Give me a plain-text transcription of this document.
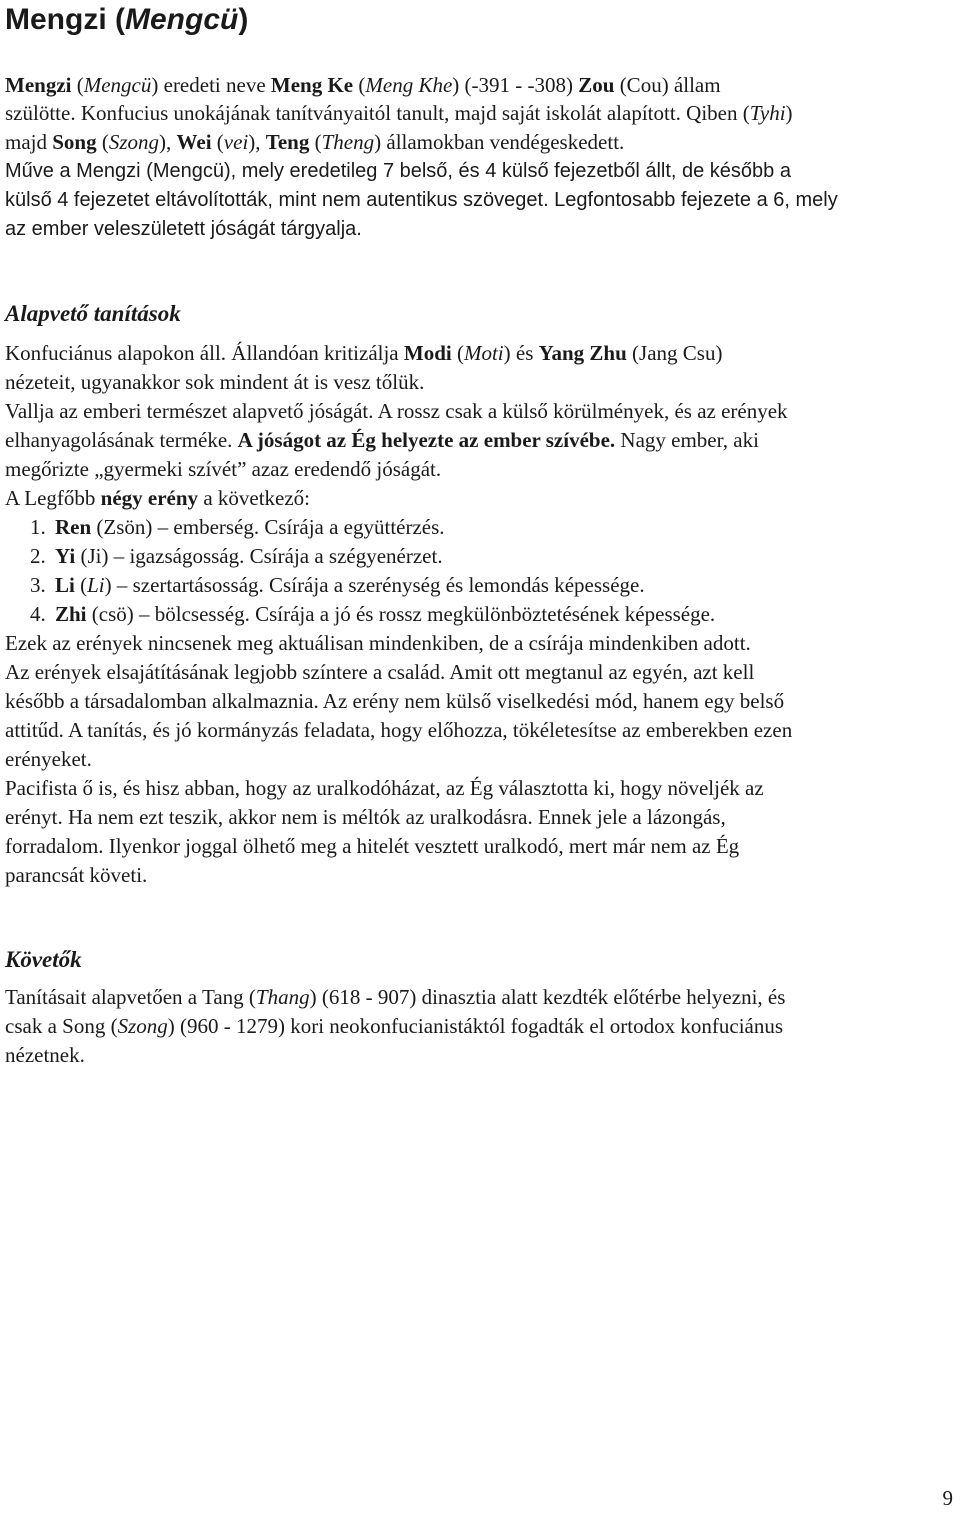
Mengzi (Mengcü)
Mengzi (Mengcü) eredeti neve Meng Ke (Meng Khe) (-391 - -308) Zou (Cou) állam
szülötte. Konfucius unokájának tanítványaitól tanult, majd saját iskolát alapított. Qiben (Tyhi)
majd Song (Szong), Wei (vei), Teng (Theng) államokban vendégeskedett.
Műve a Mengzi (Mengcü), mely eredetileg 7 belső, és 4 külső fejezetből állt, de később a
külső 4 fejezetet eltávolították, mint nem autentikus szöveget. Legfontosabb fejezete a 6, mely
az ember veleszületett jóságát tárgyalja.
Alapvető tanítások
Konfuciánus alapokon áll. Állandóan kritizálja Modi (Moti) és Yang Zhu (Jang Csu)
nézeteit, ugyanakkor sok mindent át is vesz tőlük.
Vallja az emberi természet alapvető jóságát. A rossz csak a külső körülmények, és az erények
elhanyagolásának terméke. A jóságot az Ég helyezte az ember szívébe. Nagy ember, aki
megőrizte „gyermeki szívét” azaz eredendő jóságát.
A Legfőbb négy erény a következő:
1. Ren (Zsön) – emberség. Csírája a együttérzés.
2. Yi (Ji) – igazságosság. Csírája a szégyenérzet.
3. Li (Li) – szertartásosság. Csírája a szerénység és lemondás képessége.
4. Zhi (csö) – bölcsesség. Csírája a jó és rossz megkülönböztetésének képessége.
Ezek az erények nincsenek meg aktuálisan mindenkiben, de a csírája mindenkiben adott.
Az erények elsajátításának legjobb színtere a család. Amit ott megtanul az egyén, azt kell
később a társadalomban alkalmaznia. Az erény nem külső viselkedési mód, hanem egy belső
attitűd. A tanítás, és jó kormányzás feladata, hogy előhozza, tökéletesítse az emberekben ezen
erényeket.
Pacifista ő is, és hisz abban, hogy az uralkodóházat, az Ég választotta ki, hogy növeljék az
erényt. Ha nem ezt teszik, akkor nem is méltók az uralkodásra. Ennek jele a lázongás,
forradalom. Ilyenkor joggal ölhető meg a hitelét vesztett uralkodó, mert már nem az Ég
parancsát követi.
Követők
Tanításait alapvetően a Tang (Thang) (618 - 907) dinasztia alatt kezdték előtérbe helyezni, és
csak a Song (Szong) (960 - 1279) kori neokonfucianistáktól fogadták el ortodox konfuciánus
nézetnek.
9
